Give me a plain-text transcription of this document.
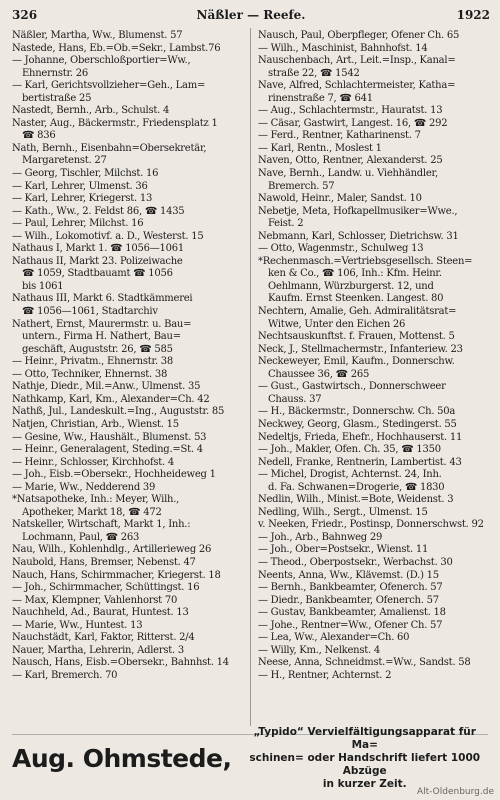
326	Näßler — Reefe.	1922
Näßler, Martha, Ww., Blumenst. 57
Nastede, Hans, Eb.=Ob.=Sekr., Lambst.76
— Johanne, Oberschloßportier=Ww.,
Ehnernstr. 26
— Karl, Gerichtsvollzieher=Geh., Lam=
bertistraße 25
Nastedt, Bernh., Arb., Schulst. 4
Naster, Aug., Bäckermstr., Friedensplatz 1
☎ 836
Nath, Bernh., Eisenbahn=Obersekretär,
Margaretenst. 27
— Georg, Tischler, Milchst. 16
— Karl, Lehrer, Ulmenst. 36
— Karl, Lehrer, Kriegerst. 13
— Kath., Ww., 2. Feldst 86, ☎ 1435
— Paul, Lehrer, Milchst. 16
— Wilh., Lokomotivf. a. D., Westerst. 15
Nathaus I, Markt 1. ☎ 1056—1061
Nathaus II, Markt 23. Polizeiwache
☎ 1059, Stadtbauamt ☎ 1056
bis 1061
Nathaus III, Markt 6. Stadtkämmerei
☎ 1056—1061, Stadtarchiv
Nathert, Ernst, Maurermstr. u. Bau=
untern., Firma H. Nathert, Bau=
geschäft, Auguststr. 26, ☎ 585
— Heinr., Privatm., Ehnernstr. 38
— Otto, Techniker, Ehnernst. 38
Nathje, Diedr., Mil.=Anw., Ulmenst. 35
Nathkamp, Karl, Km., Alexander=Ch. 42
Nathß, Jul., Landeskult.=Ing., Auguststr. 85
Natjen, Christian, Arb., Wienst. 15
— Gesine, Ww., Haushält., Blumenst. 53
— Heinr., Generalagent, Steding.=St. 4
— Heinr., Schlosser, Kirchhofst. 4
— Joh., Eisb.=Obersekr., Hochheideweg 1
— Marie, Ww., Nedderend 39
*Natsapotheke, Inh.: Meyer, Wilh.,
Apotheker, Markt 18, ☎ 472
Natskeller, Wirtschaft, Markt 1, Inh.:
Lochmann, Paul, ☎ 263
Nau, Wilh., Kohlenhdlg., Artillerieweg 26
Naubold, Hans, Bremser, Nebenst. 47
Nauch, Hans, Schirmmacher, Kriegerst. 18
— Joh., Schirmmacher, Schüttingst. 16
— Max, Klempner, Vahlenhorst 70
Nauchheld, Ad., Baurat, Huntest. 13
— Marie, Ww., Huntest. 13
Nauchstädt, Karl, Faktor, Ritterst. 2/4
Nauer, Martha, Lehrerin, Adlerst. 3
Nausch, Hans, Eisb.=Obersekr., Bahnhst. 14
— Karl, Bremerch. 70
Nausch, Paul, Oberpfleger, Ofener Ch. 65
— Wilh., Maschinist, Bahnhofst. 14
Nauschenbach, Art., Leit.=Insp., Kanal=
straße 22, ☎ 1542
Nave, Alfred, Schlachtermeister, Katha=
rinenstraße 7, ☎ 641
— Aug., Schlachtermstr., Hauratst. 13
— Cäsar, Gastwirt, Langest. 16, ☎ 292
— Ferd., Rentner, Katharinenst. 7
— Karl, Rentn., Moslest 1
Naven, Otto, Rentner, Alexanderst. 25
Nave, Bernh., Landw. u. Viehhändler,
Bremerch. 57
Nawold, Heinr., Maler, Sandst. 10
Nebetje, Meta, Hofkapellmusiker=Wwe.,
Feist. 2
Nebmann, Karl, Schlosser, Dietrichsw. 31
— Otto, Wagenmstr., Schulweg 13
*Rechenmasch.=Vertriebsgesellsch. Steen=
ken & Co., ☎ 106, Inh.: Kfm. Heinr.
Oehlmann, Würzburgerst. 12, und
Kaufm. Ernst Steenken. Langest. 80
Nechtern, Amalie, Geh. Admiralitätsrat=
Witwe, Unter den Eichen 26
Nechtsauskunftst. f. Frauen, Mottenst. 5
Neck, J., Stellmachermstr., Infanteriew. 23
Neckeweyer, Emil, Kaufm., Donnerschw.
Chaussee 36, ☎ 265
— Gust., Gastwirtsch., Donnerschweer
Chauss. 37
— H., Bäckermstr., Donnerschw. Ch. 50a
Neckwey, Georg, Glasm., Stedingerst. 55
Nedeltjs, Frieda, Ehefr., Hochhauserst. 11
— Joh., Makler, Ofen. Ch. 35, ☎ 1350
Nedell, Franke, Rentnerin, Lambertist. 43
— Michel, Drogist, Achternst. 24, Inh.
d. Fa. Schwanen=Drogerie, ☎ 1830
Nedlin, Wilh., Minist.=Bote, Weidenst. 3
Nedling, Wilh., Sergt., Ulmenst. 15
v. Neeken, Friedr., Postinsp, Donnerschwst. 92
— Joh., Arb., Bahnweg 29
— Joh., Ober=Postsekr., Wienst. 11
— Theod., Oberpostsekr., Werbachst. 30
Neents, Anna, Ww., Klävemst. (D.) 15
— Bernh., Bankbeamter, Ofenerch. 57
— Diedr., Bankbeamter, Ofenerch. 57
— Gustav, Bankbeamter, Amalienst. 18
— Johe., Rentner=Ww., Ofener Ch. 57
— Lea, Ww., Alexander=Ch. 60
— Willy, Km., Nelkenst. 4
Neese, Anna, Schneidmst.=Ww., Sandst. 58
— H., Rentner, Achternst. 2
Aug. Ohmstede,
„Typido“ Vervielfältigungsapparat für Ma=
schinen= oder Handschrift liefert 1000 Abzüge
in kurzer Zeit.
Alt-Oldenburg.de
